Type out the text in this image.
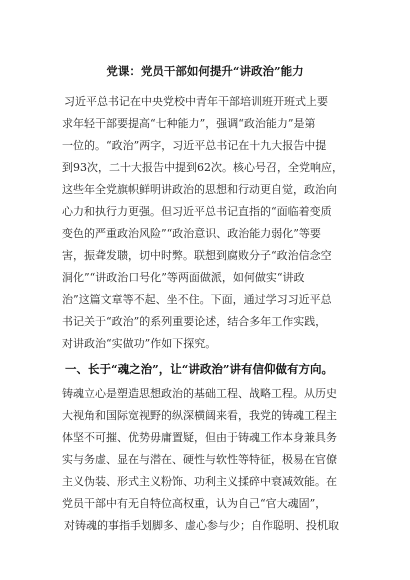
党课：党员干部如何提升“讲政治”能力
习近平总书记在中央党校中青年干部培训班开班式上要
求年轻干部要提高“七种能力”，强调“政治能力”是第
一位的。“政治”两字，习近平总书记在十九大报告中提
到93次，二十大报告中提到62次。核心号召，全党响应，
这些年全党旗帜鲜明讲政治的思想和行动更自觉，政治向
心力和执行力更强。但习近平总书记直指的“面临着变质
变色的严重政治风险”“政治意识、政治能力弱化”等要
害，振聋发聩，切中时弊。联想到腐败分子“政治信念空
洞化”“讲政治口号化”等两面做派，如何做实“讲政
治”这篇文章等不起、坐不住。下面，通过学习习近平总
书记关于“政治”的系列重要论述，结合多年工作实践，
对讲政治“实做功”作如下探究。
一、长于“魂之治”，让“讲政治”讲有信仰做有方向。
铸魂立心是塑造思想政治的基础工程、战略工程。从历史
大视角和国际宽视野的纵深横阔来看，我党的铸魂工程主
体坚不可摧、优势毋庸置疑，但由于铸魂工作本身兼具务
实与务虚、显在与潜在、硬性与软性等特征，极易在官僚
主义伪装、形式主义粉饰、功利主义揉碎中衰减效能。在
党员干部中有无自特位高权重，认为自己“官大魂固”，
对铸魂的事指手划脚多、虚心参与少；自作聪明、投机取
